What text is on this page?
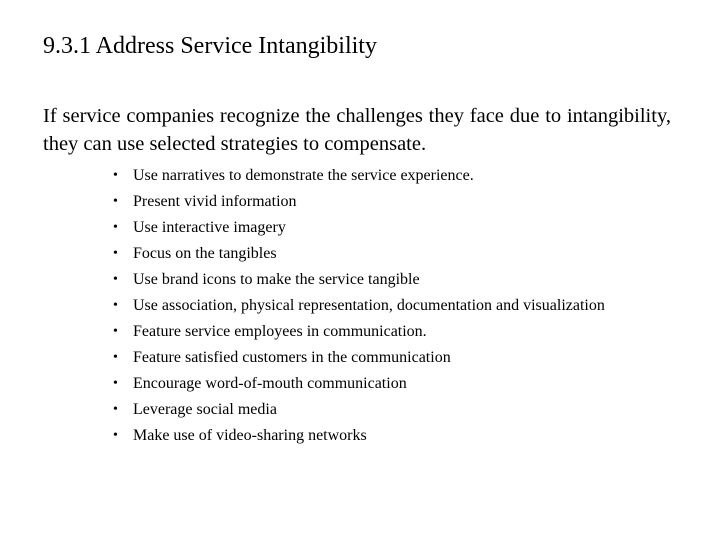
9.3.1 Address Service Intangibility
If service companies recognize the challenges they face due to intangibility, they can use selected strategies to compensate.
• Use narratives to demonstrate the service experience.
• Present vivid information
• Use interactive imagery
• Focus on the tangibles
• Use brand icons to make the service tangible
• Use association, physical representation, documentation and visualization
• Feature service employees in communication.
• Feature satisfied customers in the communication
• Encourage word-of-mouth communication
• Leverage social media
• Make use of video-sharing networks
